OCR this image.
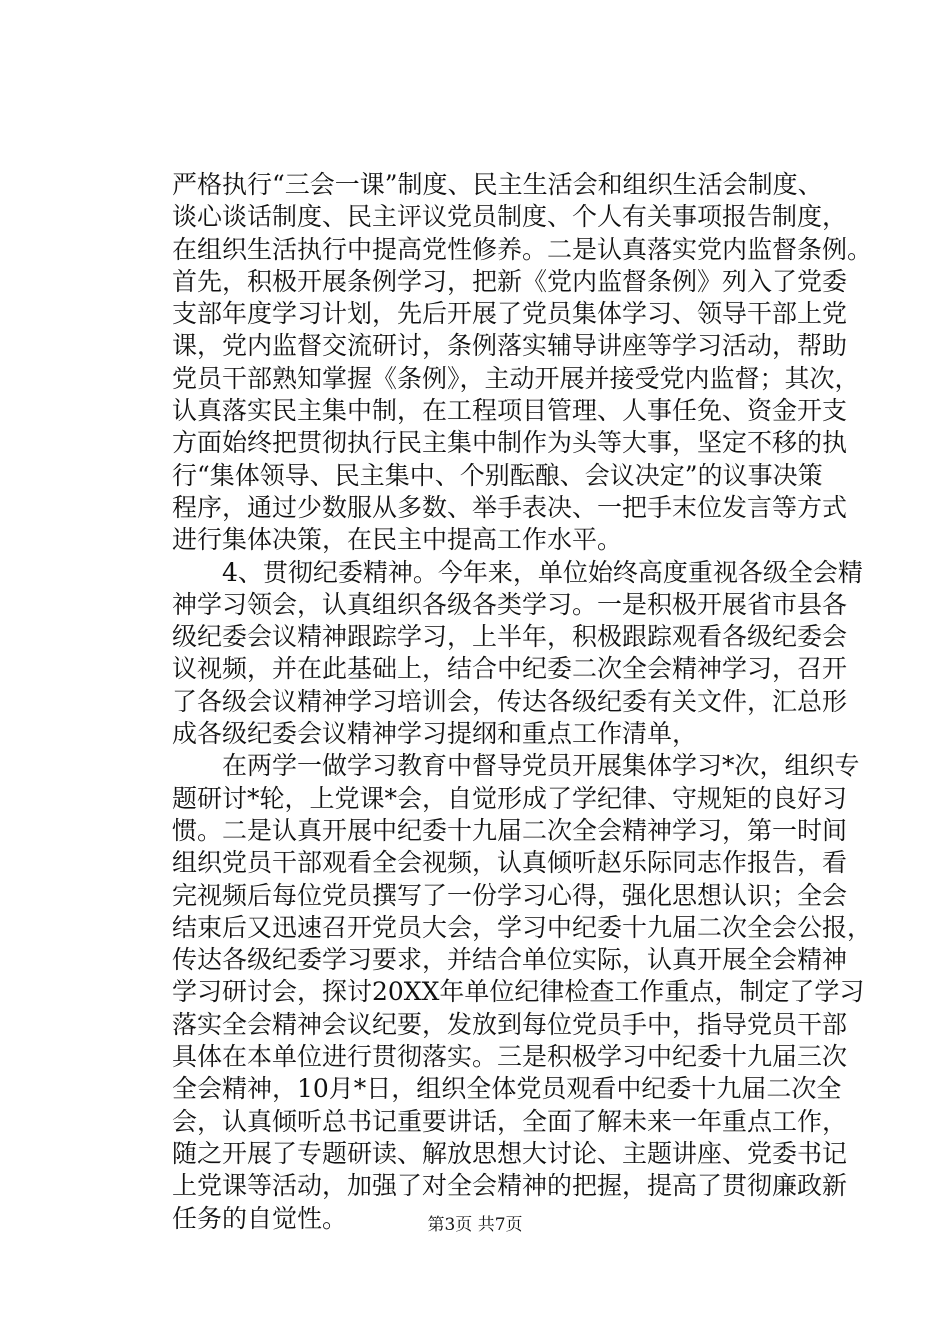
严格执行“三会一课”制度、民主生活会和组织生活会制度、
谈心谈话制度、民主评议党员制度、个人有关事项报告制度，
在组织生活执行中提高党性修养。二是认真落实党内监督条例。
首先，积极开展条例学习，把新《党内监督条例》列入了党委
支部年度学习计划，先后开展了党员集体学习、领导干部上党
课，党内监督交流研讨，条例落实辅导讲座等学习活动，帮助
党员干部熟知掌握《条例》，主动开展并接受党内监督；其次，
认真落实民主集中制，在工程项目管理、人事任免、资金开支
方面始终把贯彻执行民主集中制作为头等大事，坚定不移的执
行“集体领导、民主集中、个别酝酿、会议决定”的议事决策
程序，通过少数服从多数、举手表决、一把手末位发言等方式
进行集体决策，在民主中提高工作水平。
　　4、贯彻纪委精神。今年来，单位始终高度重视各级全会精
神学习领会，认真组织各级各类学习。一是积极开展省市县各
级纪委会议精神跟踪学习，上半年，积极跟踪观看各级纪委会
议视频，并在此基础上，结合中纪委二次全会精神学习，召开
了各级会议精神学习培训会，传达各级纪委有关文件，汇总形
成各级纪委会议精神学习提纲和重点工作清单，
　　在两学一做学习教育中督导党员开展集体学习*次，组织专
题研讨*轮，上党课*会，自觉形成了学纪律、守规矩的良好习
惯。二是认真开展中纪委十九届二次全会精神学习，第一时间
组织党员干部观看全会视频，认真倾听赵乐际同志作报告，看
完视频后每位党员撰写了一份学习心得，强化思想认识；全会
结束后又迅速召开党员大会，学习中纪委十九届二次全会公报，
传达各级纪委学习要求，并结合单位实际，认真开展全会精神
学习研讨会，探讨20XX年单位纪律检查工作重点，制定了学习
落实全会精神会议纪要，发放到每位党员手中，指导党员干部
具体在本单位进行贯彻落实。三是积极学习中纪委十九届三次
全会精神，10月*日，组织全体党员观看中纪委十九届二次全
会，认真倾听总书记重要讲话，全面了解未来一年重点工作，
随之开展了专题研读、解放思想大讨论、主题讲座、党委书记
上党课等活动，加强了对全会精神的把握，提高了贯彻廉政新
任务的自觉性。	第3页 共7页
